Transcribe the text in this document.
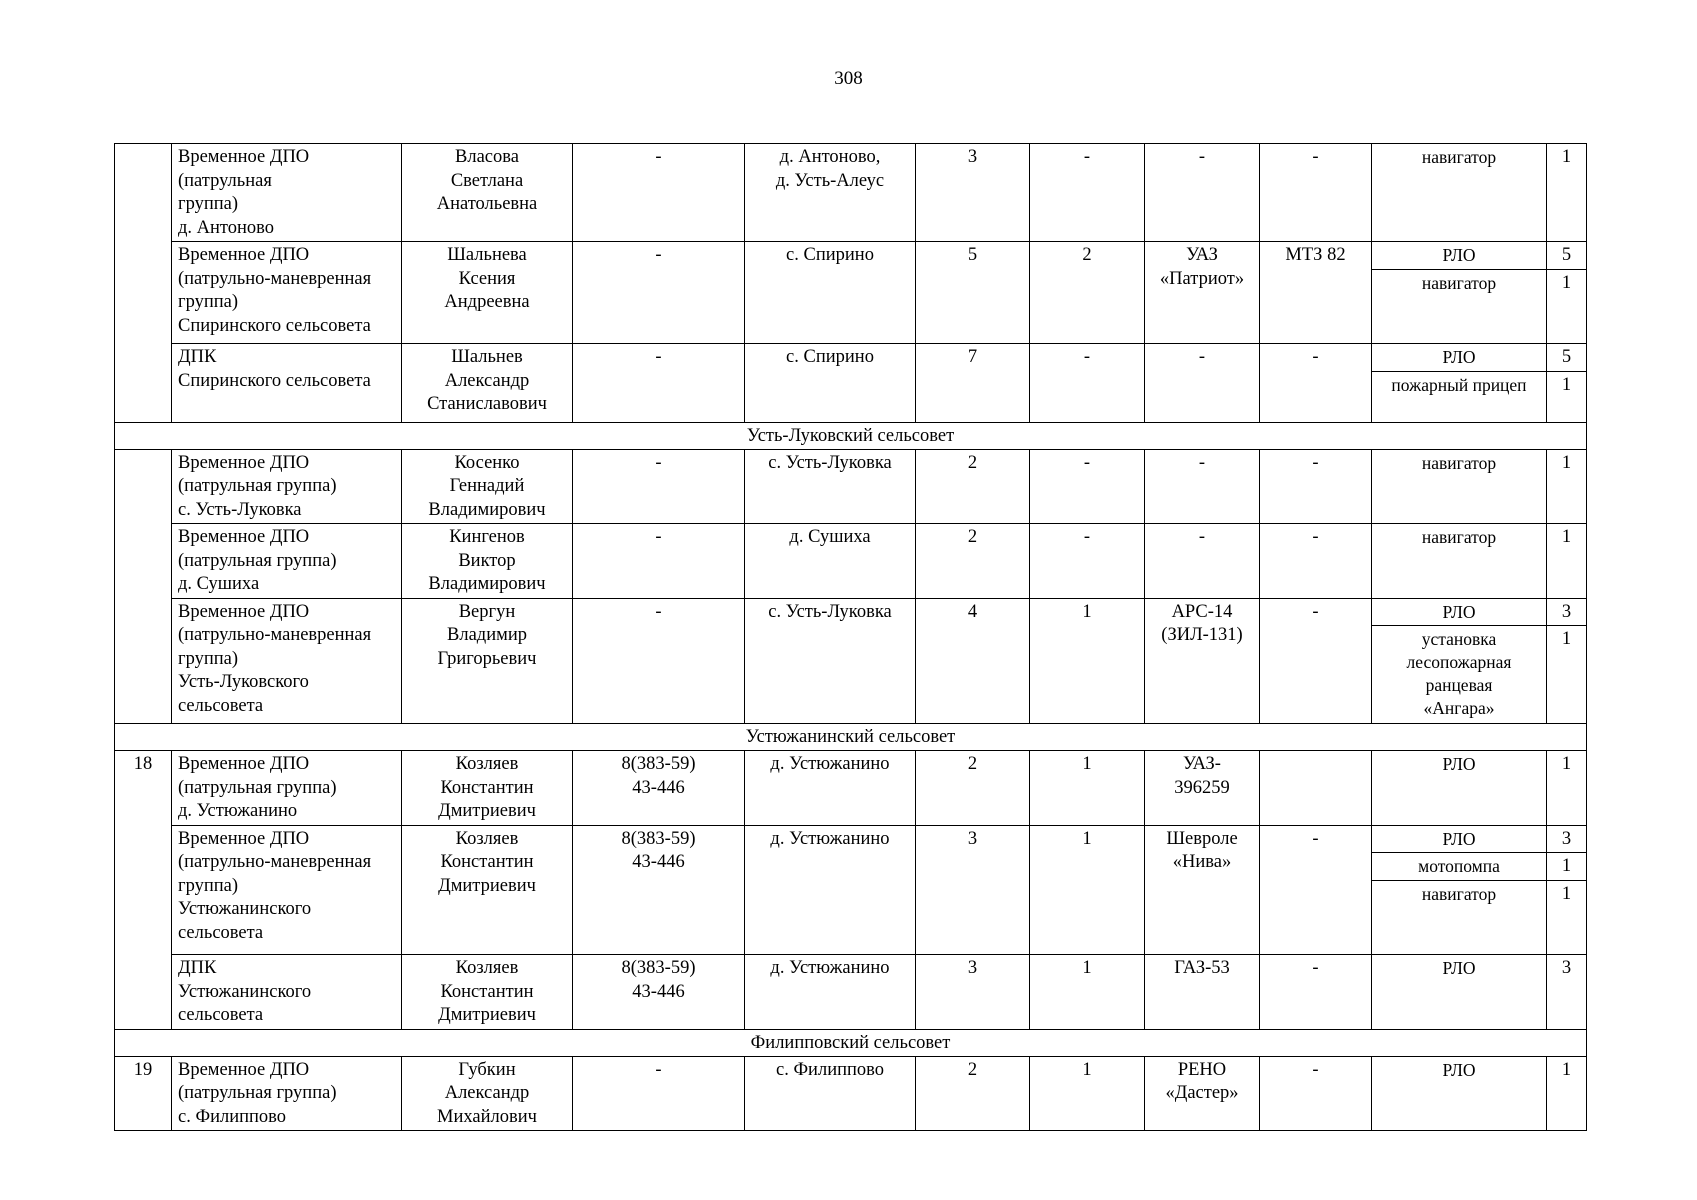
308
	Временное ДПО
(патрульная
группа)
д. Антоново	Власова
Светлана
Анатольевна	-	д. Антоново,
д. Усть-Алеус	3	-	-	-	навигатор	1
	Временное ДПО
(патрульно-маневренная
группа)
Спиринского сельсовета	Шальнева
Ксения
Андреевна	-	с. Спирино	5	2	УАЗ
«Патриот»	МТЗ 82	РЛО	5
									навигатор	1
	ДПК
Спиринского сельсовета	Шальнев
Александр
Станиславович	-	с. Спирино	7	-	-	-	РЛО	5
									пожарный прицеп	1
Усть-Луковский сельсовет										
	Временное ДПО
(патрульная группа)
с. Усть-Луковка	Косенко
Геннадий
Владимирович	-	с. Усть-Луковка	2	-	-	-	навигатор	1
	Временное ДПО
(патрульная группа)
д. Сушиха	Кингенов
Виктор
Владимирович	-	д. Сушиха	2	-	-	-	навигатор	1
	Временное ДПО
(патрульно-маневренная
группа)
Усть-Луковского
сельсовета	Вергун
Владимир
Григорьевич	-	с. Усть-Луковка	4	1	АРС-14
(ЗИЛ-131)	-	РЛО	3
									установка
лесопожарная
ранцевая
«Ангара»	1
Устюжанинский сельсовет										
18	Временное ДПО
(патрульная группа)
д. Устюжанино	Козляев
Константин
Дмитриевич	8(383-59)
43-446	д. Устюжанино	2	1	УАЗ-
396259		РЛО	1
	Временное ДПО
(патрульно-маневренная
группа)
Устюжанинского
сельсовета	Козляев
Константин
Дмитриевич	8(383-59)
43-446	д. Устюжанино	3	1	Шевроле
«Нива»	-	РЛО	3
									мотопомпа	1
									навигатор	1
	ДПК
Устюжанинского
сельсовета	Козляев
Константин
Дмитриевич	8(383-59)
43-446	д. Устюжанино	3	1	ГАЗ-53	-	РЛО	3
Филипповский сельсовет										
19	Временное ДПО
(патрульная группа)
с. Филиппово	Губкин
Александр
Михайлович	-	с. Филиппово	2	1	РЕНО
«Дастер»	-	РЛО	1
